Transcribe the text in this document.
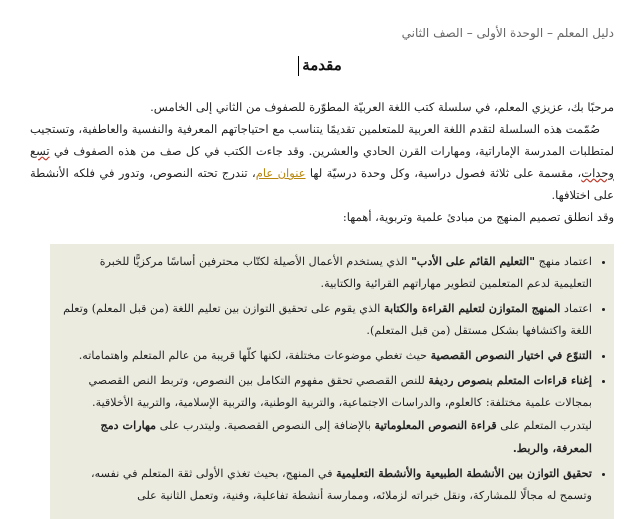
دليل المعلم – الوحدة الأولى – الصف الثاني
مقدمة

مرحبًا بك، عزيزي المعلم، في سلسلة كتب اللغة العربيّة المطوّرة للصفوف من الثاني إلى الخامس.

صُمّمت هذه السلسلة لتقدم اللغة العربية للمتعلمين تقديمًا يتناسب مع احتياجاتهم المعرفية والنفسية والعاطفية، وتستجيب لمتطلبات المدرسة الإماراتية، ومهارات القرن الحادي والعشرين. وقد جاءت الكتب في كل صف من هذه الصفوف في تسع وحدات، مقسمة على ثلاثة فصول دراسية، وكل وحدة درسيّة لها عنوان عام، تندرج تحته النصوص، وتدور في فلكه الأنشطة على اختلافها.

وقد انطلق تصميم المنهج من مبادئ علمية وتربوية، أهمها:

• اعتماد منهج "التعليم القائم على الأدب" الذي يستخدم الأعمال الأصيلة لكتّاب محترفين أساسًا مركزيًّا للخبرة التعليمية لدعم المتعلمين لتطوير مهاراتهم القرائية والكتابية.
• اعتماد المنهج المتوازن لتعليم القراءة والكتابة الذي يقوم على تحقيق التوازن بين تعليم اللغة (من قبل المعلم) وتعلم اللغة واكتشافها بشكل مستقل (من قبل المتعلم).
• التنوّع في اختيار النصوص القصصية حيث تغطي موضوعات مختلفة، لكنها كلّها قريبة من عالم المتعلم واهتماماته.
• إغناء قراءات المتعلم بنصوص رديفة للنص القصصي تحقق مفهوم التكامل بين النصوص، وتربط النص القصصي بمجالات علمية مختلفة: كالعلوم، والدراسات الاجتماعية، والتربية الوطنية، والتربية الإسلامية، والتربية الأخلاقية. ليتدرب المتعلم على قراءة النصوص المعلوماتية بالإضافة إلى النصوص القصصية. وليتدرب على مهارات دمج المعرفة، والربط.
• تحقيق التوازن بين الأنشطة الطبيعية والأنشطة التعليمية في المنهج، بحيث تغذي الأولى ثقة المتعلم في نفسه، وتسمح له مجالًا للمشاركة، ونقل خبراته لزملائه، وممارسة أنشطة تفاعلية، وفنية، وتعمل الثانية على
